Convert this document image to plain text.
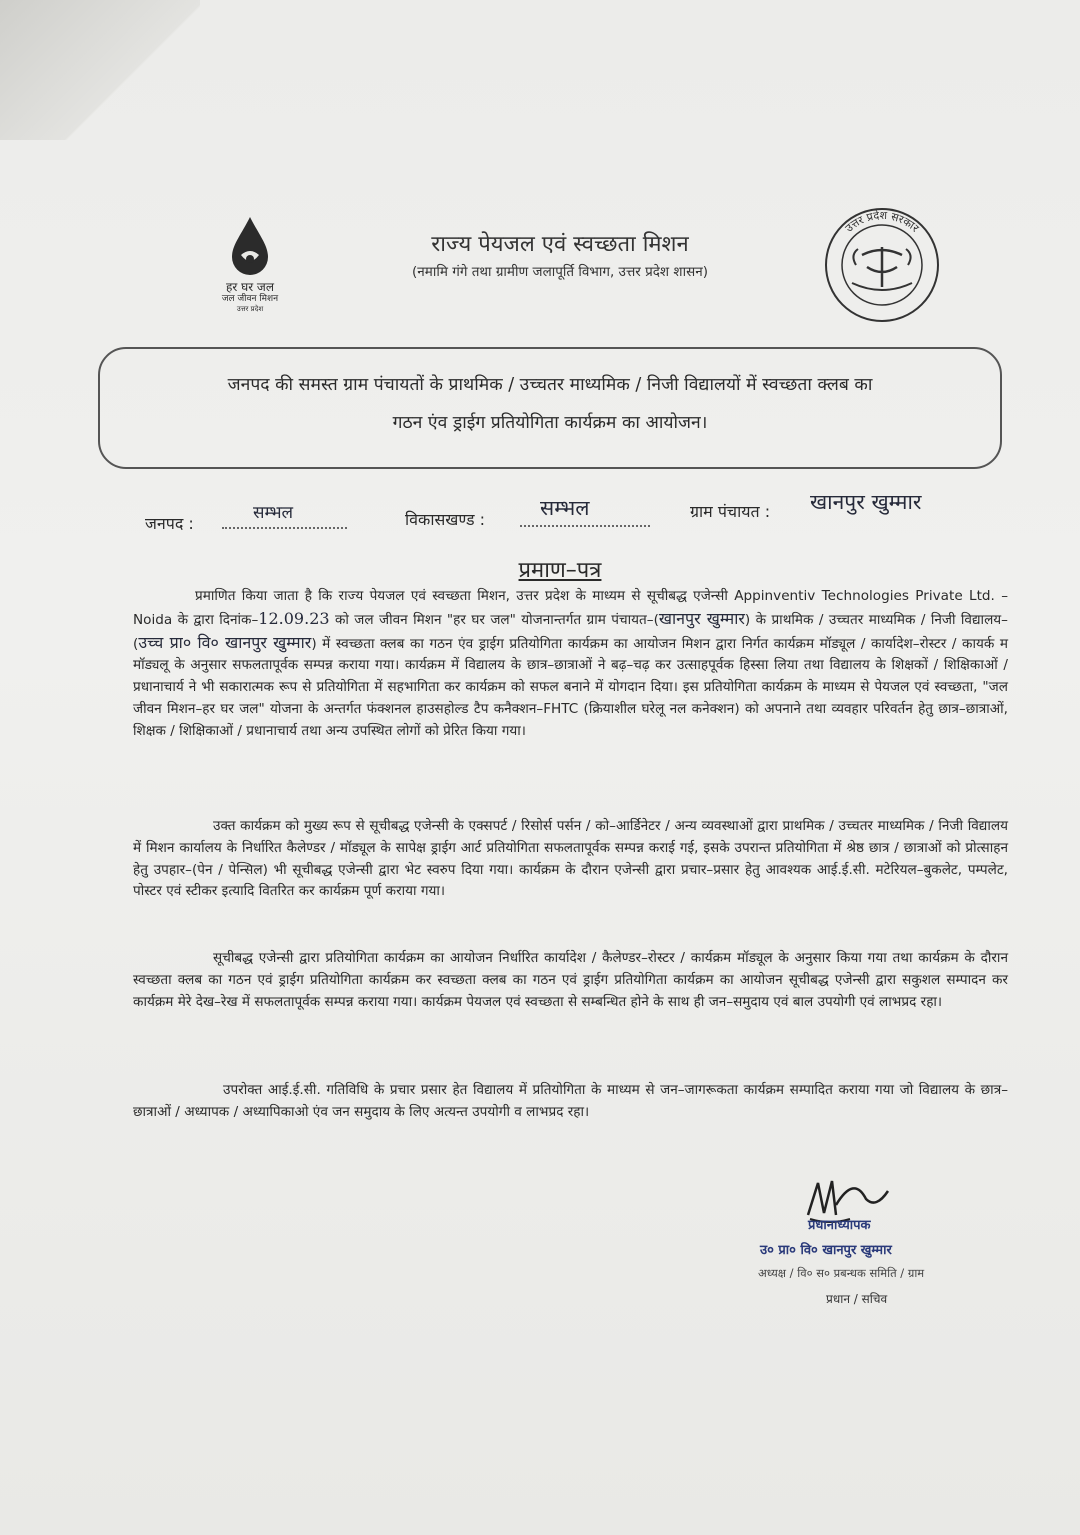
हर घर जल
जल जीवन मिशन
उत्तर प्रदेश
राज्य पेयजल एवं स्वच्छता मिशन
(नमामि गंगे तथा ग्रामीण जलापूर्ति विभाग, उत्तर प्रदेश शासन)
उत्तर प्रदेश सरकार
जनपद की समस्त ग्राम पंचायतों के प्राथमिक / उच्चतर माध्यमिक / निजी विद्यालयों में स्वच्छता क्लब का
गठन एंव ड्राईग प्रतियोगिता कार्यक्रम का आयोजन।
जनपद :
सम्भल	विकासखण्ड :	सम्भल	ग्राम पंचायत : खानपुर खुम्मार
प्रमाण–पत्र

प्रमाणित किया जाता है कि राज्य पेयजल एवं स्वच्छता मिशन, उत्तर प्रदेश के माध्यम से सूचीबद्ध एजेन्सी Appinventiv Technologies Private Ltd. – Noida के द्वारा दिनांक–12.09.23 को जल जीवन मिशन "हर घर जल" योजनान्तर्गत ग्राम पंचायत–(खानपुर खुम्मार) के प्राथमिक / उच्चतर माध्यमिक / निजी विद्यालय–(उच्च प्रा० वि० खानपुर खुम्मार) में स्वच्छता क्लब का गठन एंव ड्राईग प्रतियोगिता कार्यक्रम का आयोजन मिशन द्वारा निर्गत कार्यक्रम मॉड्यूल / कार्यादेश–रोस्टर / कायर्क म मॉड्यलू के अनुसार सफलतापूर्वक सम्पन्न कराया गया। कार्यक्रम में विद्यालय के छात्र–छात्राओं ने बढ़–चढ़ कर उत्साहपूर्वक हिस्सा लिया तथा विद्यालय के शिक्षकों / शिक्षिकाओं / प्रधानाचार्य ने भी सकारात्मक रूप से प्रतियोगिता में सहभागिता कर कार्यक्रम को सफल बनाने में योगदान दिया। इस प्रतियोगिता कार्यक्रम के माध्यम से पेयजल एवं स्वच्छता, "जल जीवन मिशन–हर घर जल" योजना के अन्तर्गत फंक्शनल हाउसहोल्ड टैप कनैक्शन–FHTC (क्रियाशील घरेलू नल कनेक्शन) को अपनाने तथा व्यवहार परिवर्तन हेतु छात्र–छात्राओं, शिक्षक / शिक्षिकाओं / प्रधानाचार्य तथा अन्य उपस्थित लोगों को प्रेरित किया गया।

उक्त कार्यक्रम को मुख्य रूप से सूचीबद्ध एजेन्सी के एक्सपर्ट / रिसोर्स पर्सन / को–आर्डिनेटर / अन्य व्यवस्थाओं द्वारा प्राथमिक / उच्चतर माध्यमिक / निजी विद्यालय में मिशन कार्यालय के निर्धारित कैलेण्डर / मॉड्यूल के सापेक्ष ड्राईग आर्ट प्रतियोगिता सफलतापूर्वक सम्पन्न कराई गई, इसके उपरान्त प्रतियोगिता में श्रेष्ठ छात्र / छात्राओं को प्रोत्साहन हेतु उपहार–(पेन / पेन्सिल) भी सूचीबद्ध एजेन्सी द्वारा भेट स्वरुप दिया गया। कार्यक्रम के दौरान एजेन्सी द्वारा प्रचार–प्रसार हेतु आवश्यक आई.ई.सी. मटेरियल–बुकलेट, पम्पलेट, पोस्टर एवं स्टीकर इत्यादि वितरित कर कार्यक्रम पूर्ण कराया गया।

सूचीबद्ध एजेन्सी द्वारा प्रतियोगिता कार्यक्रम का आयोजन निर्धारित कार्यादेश / कैलेण्डर–रोस्टर / कार्यक्रम मॉड्यूल के अनुसार किया गया तथा कार्यक्रम के दौरान स्वच्छता क्लब का गठन एवं ड्राईग प्रतियोगिता कार्यक्रम कर स्वच्छता क्लब का गठन एवं ड्राईग प्रतियोगिता कार्यक्रम का आयोजन सूचीबद्ध एजेन्सी द्वारा सकुशल सम्पादन कर कार्यक्रम मेरे देख–रेख में सफलतापूर्वक सम्पन्न कराया गया। कार्यक्रम पेयजल एवं स्वच्छता से सम्बन्धित होने के साथ ही जन–समुदाय एवं बाल उपयोगी एवं लाभप्रद रहा।

उपरोक्त आई.ई.सी. गतिविधि के प्रचार प्रसार हेत विद्यालय में प्रतियोगिता के माध्यम से जन–जागरूकता कार्यक्रम सम्पादित कराया गया जो विद्यालय के छात्र–छात्राओं / अध्यापक / अध्यापिकाओ एंव जन समुदाय के लिए अत्यन्त उपयोगी व लाभप्रद रहा।

प्रधानाध्यापक
उ० प्रा० वि० खानपुर खुम्मार
अध्यक्ष / वि० स० प्रबन्धक समिति / ग्राम
प्रधान / सचिव
